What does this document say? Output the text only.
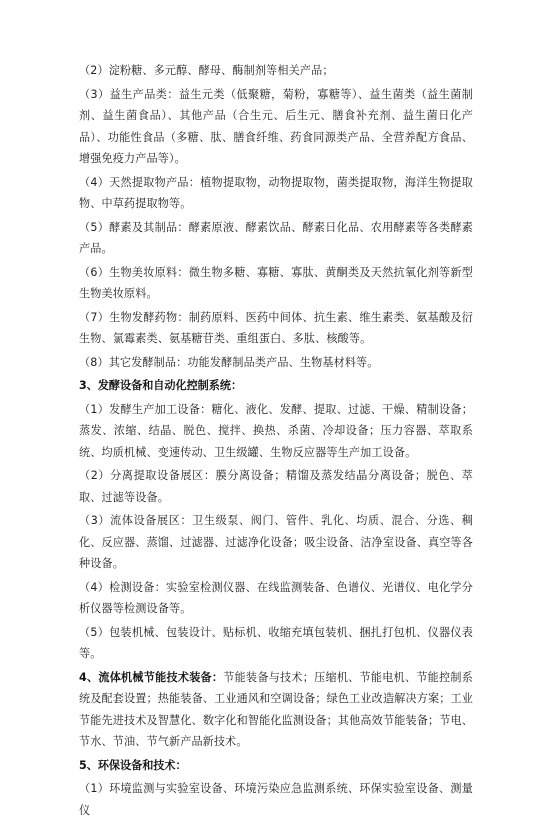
（2）淀粉糖、多元醇、酵母、酶制剂等相关产品；

（3）益生产品类：益生元类（低聚糖，菊粉，寡糖等）、益生菌类（益生菌制剂、益生菌食品）、其他产品（合生元、后生元、膳食补充剂、益生菌日化产品）、功能性食品（多糖、肽、膳食纤维、药食同源类产品、全营养配方食品、增强免疫力产品等）。

（4）天然提取物产品：植物提取物，动物提取物，菌类提取物，海洋生物提取物、中草药提取物等。

（5）酵素及其制品：酵素原液、酵素饮品、酵素日化品、农用酵素等各类酵素产品。

（6）生物美妆原料：微生物多糖、寡糖、寡肽、黄酮类及天然抗氧化剂等新型生物美妆原料。

（7）生物发酵药物：制药原料、医药中间体、抗生素、维生素类、氨基酸及衍生物、氯霉素类、氨基糖苷类、重组蛋白、多肽、核酸等。

（8）其它发酵制品：功能发酵制品类产品、生物基材料等。

3、发酵设备和自动化控制系统：

（1）发酵生产加工设备：糖化、液化、发酵、提取、过滤、干燥、精制设备；蒸发、浓缩、结晶、脱色、搅拌、换热、杀菌、冷却设备；压力容器、萃取系统、均质机械、变速传动、卫生级罐、生物反应器等生产加工设备。

（2）分离提取设备展区：膜分离设备；精馏及蒸发结晶分离设备；脱色、萃取、过滤等设备。

（3）流体设备展区：卫生级泵、阀门、管件、乳化、均质、混合、分选、稠化、反应器、蒸馏、过滤器、过滤净化设备；吸尘设备、洁净室设备、真空等各种设备。

（4）检测设备：实验室检测仪器、在线监测装备、色谱仪、光谱仪、电化学分析仪器等检测设备等。

（5）包装机械、包装设计、贴标机、收缩充填包装机、捆扎打包机、仪器仪表等。

4、流体机械节能技术装备：节能装备与技术；压缩机、节能电机、节能控制系统及配套设置；热能装备、工业通风和空调设备；绿色工业改造解决方案；工业节能先进技术及智慧化、数字化和智能化监测设备；其他高效节能装备；节电、节水、节油、节气新产品新技术。

5、环保设备和技术：

（1）环境监测与实验室设备、环境污染应急监测系统、环保实验室设备、测量仪
